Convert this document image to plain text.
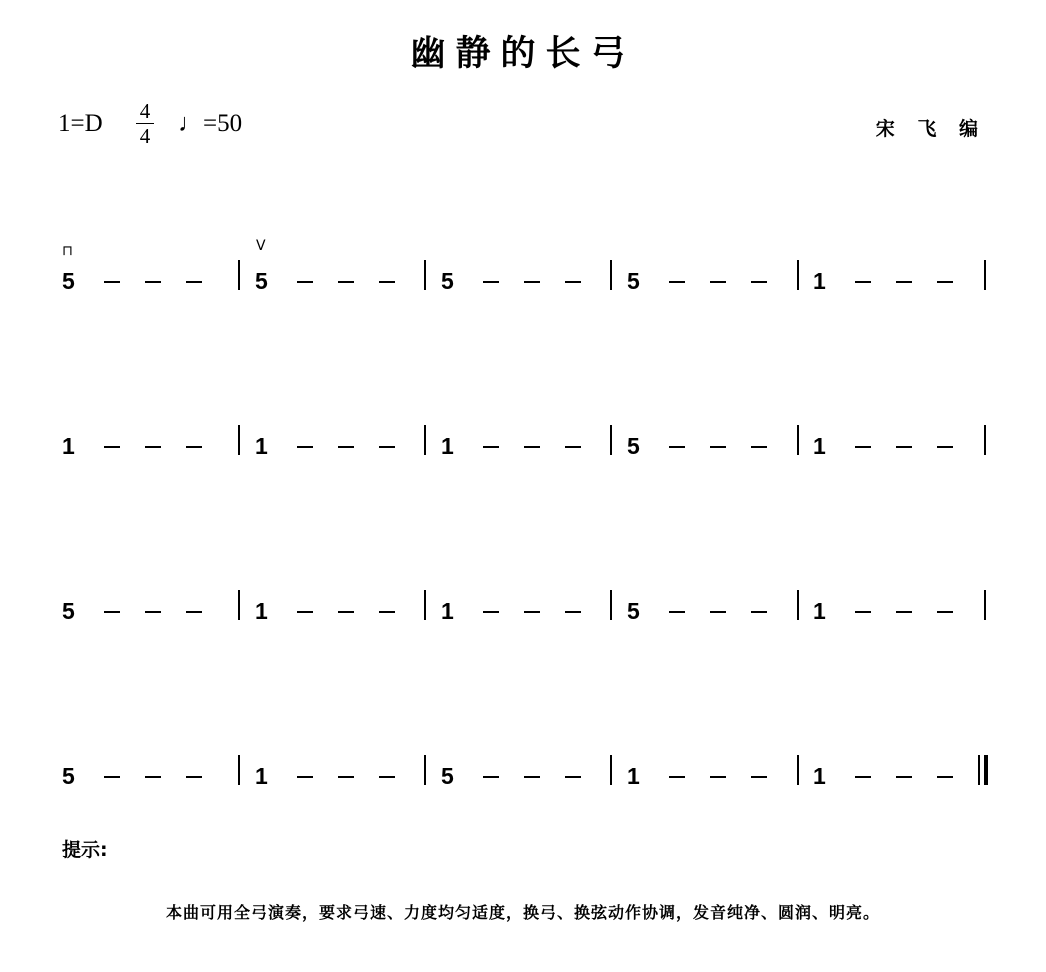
幽静的长弓
1=D 4
4 ♩=50	宋 飞 编
⊓	V
5	5	5	5	1
1	1	1	5	1
5	1	1	5	1
5	1	5	1	1
提示:
本曲可用全弓演奏，要求弓速、力度均匀适度，换弓、换弦动作协调，发音纯净、圆润、明亮。
